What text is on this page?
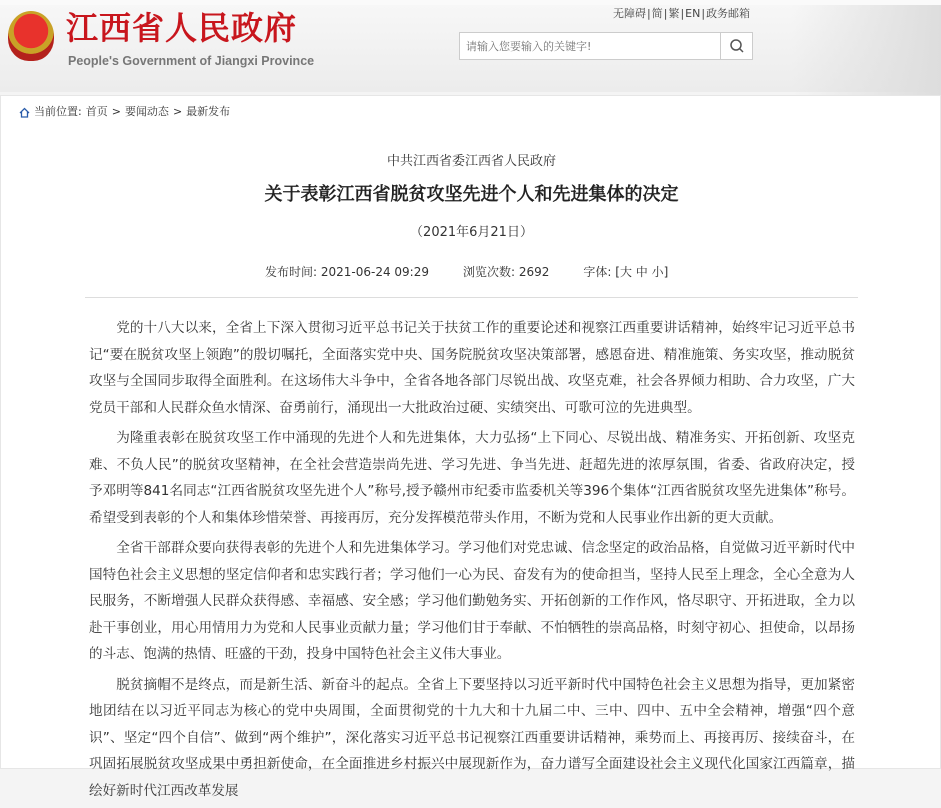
江西省人民政府
People's Government of Jiangxi Province
无障碍|简|繁|EN|政务邮箱
请输入您要输入的关键字!
当前位置: 首页 > 要闻动态 > 最新发布
中共江西省委江西省人民政府
关于表彰江西省脱贫攻坚先进个人和先进集体的决定
（2021年6月21日）
发布时间: 2021-06-24 09:29	浏览次数: 2692	字体: [ 大
中
小 ]

党的十八大以来，全省上下深入贯彻习近平总书记关于扶贫工作的重要论述和视察江西重要讲话精神，始终牢记习近平总书记“要在脱贫攻坚上领跑”的殷切嘱托，全面落实党中央、国务院脱贫攻坚决策部署，感恩奋进、精准施策、务实攻坚，推动脱贫攻坚与全国同步取得全面胜利。在这场伟大斗争中，全省各地各部门尽锐出战、攻坚克难，社会各界倾力相助、合力攻坚，广大党员干部和人民群众鱼水情深、奋勇前行，涌现出一大批政治过硬、实绩突出、可歌可泣的先进典型。

为隆重表彰在脱贫攻坚工作中涌现的先进个人和先进集体，大力弘扬“上下同心、尽锐出战、精准务实、开拓创新、攻坚克难、不负人民”的脱贫攻坚精神，在全社会营造崇尚先进、学习先进、争当先进、赶超先进的浓厚氛围，省委、省政府决定，授予邓明等841名同志“江西省脱贫攻坚先进个人”称号,授予赣州市纪委市监委机关等396个集体“江西省脱贫攻坚先进集体”称号。希望受到表彰的个人和集体珍惜荣誉、再接再厉，充分发挥模范带头作用，不断为党和人民事业作出新的更大贡献。

全省干部群众要向获得表彰的先进个人和先进集体学习。学习他们对党忠诚、信念坚定的政治品格，自觉做习近平新时代中国特色社会主义思想的坚定信仰者和忠实践行者；学习他们一心为民、奋发有为的使命担当，坚持人民至上理念，全心全意为人民服务，不断增强人民群众获得感、幸福感、安全感；学习他们勤勉务实、开拓创新的工作作风，恪尽职守、开拓进取，全力以赴干事创业，用心用情用力为党和人民事业贡献力量；学习他们甘于奉献、不怕牺牲的崇高品格，时刻守初心、担使命，以昂扬的斗志、饱满的热情、旺盛的干劲，投身中国特色社会主义伟大事业。

脱贫摘帽不是终点，而是新生活、新奋斗的起点。全省上下要坚持以习近平新时代中国特色社会主义思想为指导，更加紧密地团结在以习近平同志为核心的党中央周围，全面贯彻党的十九大和十九届二中、三中、四中、五中全会精神，增强“四个意识”、坚定“四个自信”、做到“两个维护”，深化落实习近平总书记视察江西重要讲话精神，乘势而上、再接再厉、接续奋斗，在巩固拓展脱贫攻坚成果中勇担新使命，在全面推进乡村振兴中展现新作为，奋力谱写全面建设社会主义现代化国家江西篇章，描绘好新时代江西改革发展
